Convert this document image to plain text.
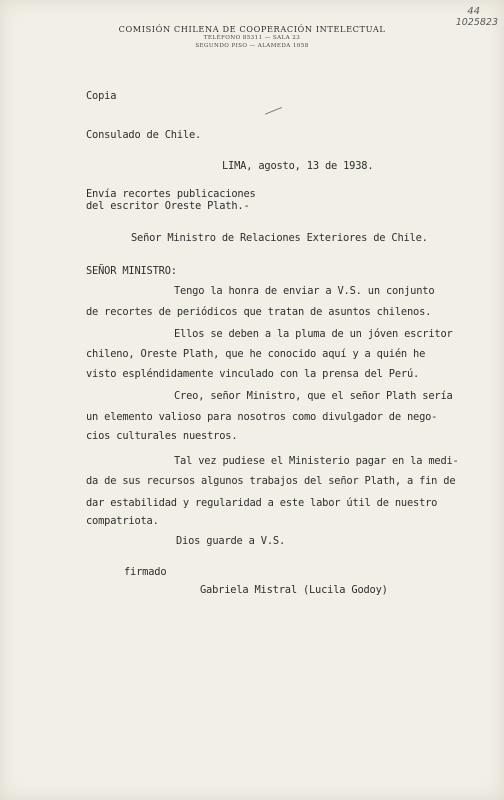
COMISIÓN CHILENA DE COOPERACIÓN INTELECTUAL
TELÉFONO 85311 — SALA 23
SEGUNDO PISO — ALAMEDA 1058
44
1025823
Copia
Consulado de Chile.
LIMA, agosto, 13 de 1938.
Envía recortes publicaciones
del escritor Oreste Plath.-
Señor Ministro de Relaciones Exteriores de Chile.
SEÑOR MINISTRO:
Tengo la honra de enviar a V.S. un conjunto
de recortes de periódicos que tratan de asuntos chilenos.
Ellos se deben a la pluma de un jóven escritor
chileno, Oreste Plath, que he conocido aquí y a quién he
visto espléndidamente vinculado con la prensa del Perú.
Creo, señor Ministro, que el señor Plath sería
un elemento valioso para nosotros como divulgador de nego-
cios culturales nuestros.
Tal vez pudiese el Ministerio pagar en la medi-
da de sus recursos algunos trabajos del señor Plath, a fin de
dar estabilidad y regularidad a este labor útil de nuestro
compatriota.
Dios guarde a V.S.
firmado
Gabriela Mistral (Lucila Godoy)
